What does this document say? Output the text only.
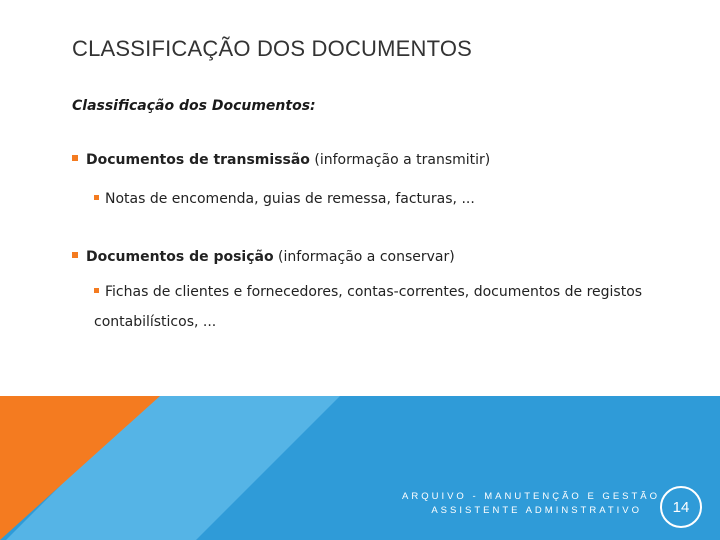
CLASSIFICAÇÃO DOS DOCUMENTOS
Classificação dos Documentos:
Documentos de transmissão (informação a transmitir)
Notas de encomenda, guias de remessa, facturas, ...
Documentos de posição (informação a conservar)
Fichas de clientes e fornecedores, contas-correntes, documentos de registos contabilísticos, ...
ARQUIVO - MANUTENÇÃO E GESTÃO
ASSISTENTE ADMINSTRATIVO	14
